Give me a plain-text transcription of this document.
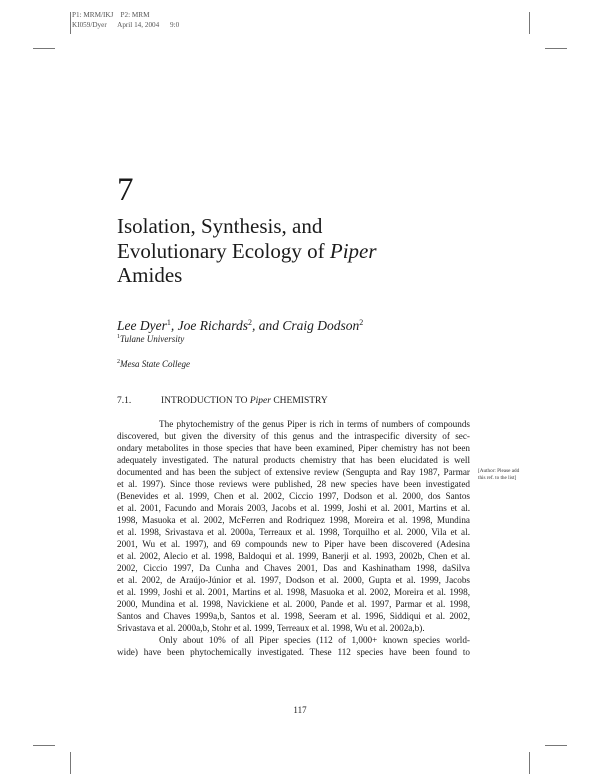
P1: MRM/IKJ P2: MRM
KI059/Dyer April 14, 2004 9:0
7
Isolation, Synthesis, and
Evolutionary Ecology of Piper
Amides
Lee Dyer$^1$, Joe Richards$^2$, and Craig Dodson$^2$
$^1$Tulane University
$^2$Mesa State College
7.1.	INTRODUCTION TO Piper CHEMISTRY
The phytochemistry of the genus Piper is rich in terms of numbers of compounds
discovered, but given the diversity of this genus and the intraspecific diversity of sec-
ondary metabolites in those species that have been examined, Piper chemistry has not been
adequately investigated. The natural products chemistry that has been elucidated is well
documented and has been the subject of extensive review (Sengupta and Ray 1987, Parmar
et al. 1997). Since those reviews were published, 28 new species have been investigated
(Benevides et al. 1999, Chen et al. 2002, Ciccio 1997, Dodson et al. 2000, dos Santos
et al. 2001, Facundo and Morais 2003, Jacobs et al. 1999, Joshi et al. 2001, Martins et al.
1998, Masuoka et al. 2002, McFerren and Rodriquez 1998, Moreira et al. 1998, Mundina
et al. 1998, Srivastava et al. 2000a, Terreaux et al. 1998, Torquilho et al. 2000, Vila et al.
2001, Wu et al. 1997), and 69 compounds new to Piper have been discovered (Adesina
et al. 2002, Alecio et al. 1998, Baldoqui et al. 1999, Banerji et al. 1993, 2002b, Chen et al.
2002, Ciccio 1997, Da Cunha and Chaves 2001, Das and Kashinatham 1998, daSilva
et al. 2002, de Araújo-Júnior et al. 1997, Dodson et al. 2000, Gupta et al. 1999, Jacobs
et al. 1999, Joshi et al. 2001, Martins et al. 1998, Masuoka et al. 2002, Moreira et al. 1998,
2000, Mundina et al. 1998, Navickiene et al. 2000, Pande et al. 1997, Parmar et al. 1998,
Santos and Chaves 1999a,b, Santos et al. 1998, Seeram et al. 1996, Siddiqui et al. 2002,
Srivastava et al. 2000a,b, Stohr et al. 1999, Terreaux et al. 1998, Wu et al. 2002a,b).
Only about 10% of all Piper species (112 of 1,000+ known species world-
wide) have been phytochemically investigated. These 112 species have been found to
[Author: Please add this ref. to the list]
117
